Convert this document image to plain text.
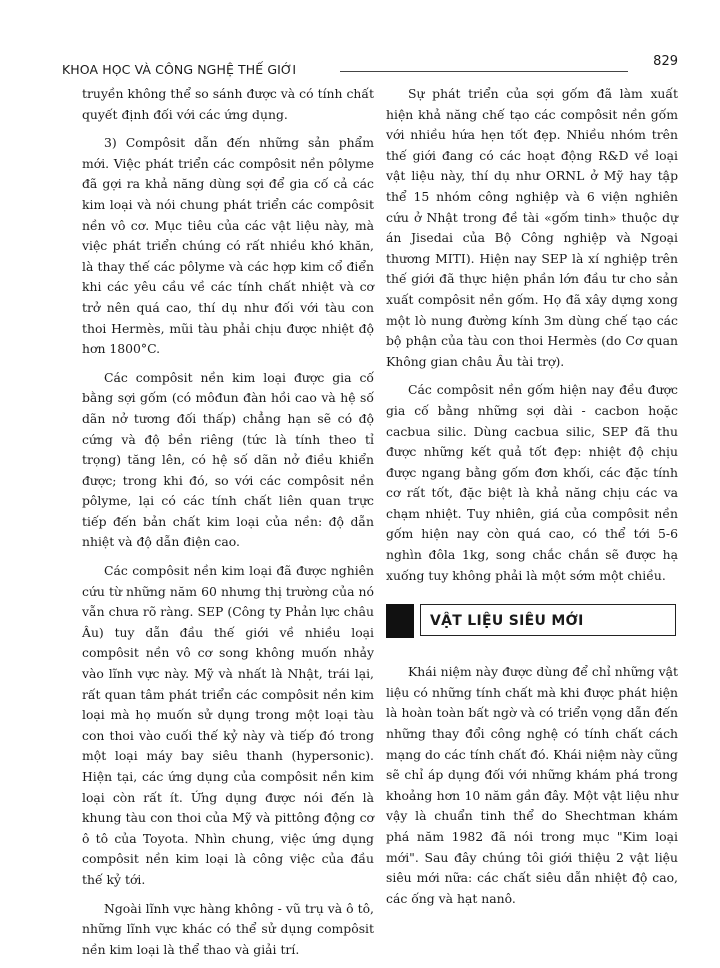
KHOA HỌC VÀ CÔNG NGHỆ THẾ GIỚI
829

truyền không thể so sánh được và có tính chất quyết định đối với các ứng dụng.

3) Compôsit dẫn đến những sản phẩm mới. Việc phát triển các compôsit nền pôlyme đã gợi ra khả năng dùng sợi để gia cố cả các kim loại và nói chung phát triển các compôsit nền vô cơ. Mục tiêu của các vật liệu này, mà việc phát triển chúng có rất nhiều khó khăn, là thay thế các pôlyme và các hợp kim cổ điển khi các yêu cầu về các tính chất nhiệt và cơ trở nên quá cao, thí dụ như đối với tàu con thoi Hermès, mũi tàu phải chịu được nhiệt độ hơn 1800°C.

Các compôsit nền kim loại được gia cố bằng sợi gốm (có môđun đàn hồi cao và hệ số dãn nở tương đối thấp) chẳng hạn sẽ có độ cứng và độ bền riêng (tức là tính theo tỉ trọng) tăng lên, có hệ số dãn nở điều khiển được; trong khi đó, so với các compôsit nền pôlyme, lại có các tính chất liên quan trực tiếp đến bản chất kim loại của nền: độ dẫn nhiệt và độ dẫn điện cao.

Các compôsit nền kim loại đã được nghiên cứu từ những năm 60 nhưng thị trường của nó vẫn chưa rõ ràng. SEP (Công ty Phản lực châu Âu) tuy dẫn đầu thế giới về nhiều loại compôsit nền vô cơ song không muốn nhảy vào lĩnh vực này. Mỹ và nhất là Nhật, trái lại, rất quan tâm phát triển các compôsit nền kim loại mà họ muốn sử dụng trong một loại tàu con thoi vào cuối thế kỷ này và tiếp đó trong một loại máy bay siêu thanh (hypersonic). Hiện tại, các ứng dụng của compôsit nền kim loại còn rất ít. Ứng dụng được nói đến là khung tàu con thoi của Mỹ và pittông động cơ ô tô của Toyota. Nhìn chung, việc ứng dụng compôsit nền kim loại là công việc của đầu thế kỷ tới.

Ngoài lĩnh vực hàng không - vũ trụ và ô tô, những lĩnh vực khác có thể sử dụng compôsit nền kim loại là thể thao và giải trí.

Sự phát triển của sợi gốm đã làm xuất hiện khả năng chế tạo các compôsit nền gốm với nhiều hứa hẹn tốt đẹp. Nhiều nhóm trên thế giới đang có các hoạt động R&D về loại vật liệu này, thí dụ như ORNL ở Mỹ hay tập thể 15 nhóm công nghiệp và 6 viện nghiên cứu ở Nhật trong đề tài «gốm tinh» thuộc dự án Jisedai của Bộ Công nghiệp và Ngoại thương MITI). Hiện nay SEP là xí nghiệp trên thế giới đã thực hiện phần lớn đầu tư cho sản xuất compôsit nền gốm. Họ đã xây dựng xong một lò nung đường kính 3m dùng chế tạo các bộ phận của tàu con thoi Hermès (do Cơ quan Không gian châu Âu tài trợ).

Các compôsit nền gốm hiện nay đều được gia cố bằng những sợi dài - cacbon hoặc cacbua silic. Dùng cacbua silic, SEP đã thu được những kết quả tốt đẹp: nhiệt độ chịu được ngang bằng gốm đơn khối, các đặc tính cơ rất tốt, đặc biệt là khả năng chịu các va chạm nhiệt. Tuy nhiên, giá của compôsit nền gốm hiện nay còn quá cao, có thể tới 5-6 nghìn đôla 1kg, song chắc chắn sẽ được hạ xuống tuy không phải là một sớm một chiều.

VẬT LIỆU SIÊU MỚI

Khái niệm này được dùng để chỉ những vật liệu có những tính chất mà khi được phát hiện là hoàn toàn bất ngờ và có triển vọng dẫn đến những thay đổi công nghệ có tính chất cách mạng do các tính chất đó. Khái niệm này cũng sẽ chỉ áp dụng đối với những khám phá trong khoảng hơn 10 năm gần đây. Một vật liệu như vậy là chuẩn tinh thể do Shechtman khám phá năm 1982 đã nói trong mục "Kim loại mới". Sau đây chúng tôi giới thiệu 2 vật liệu siêu mới nữa: các chất siêu dẫn nhiệt độ cao, các ống và hạt nanô.
